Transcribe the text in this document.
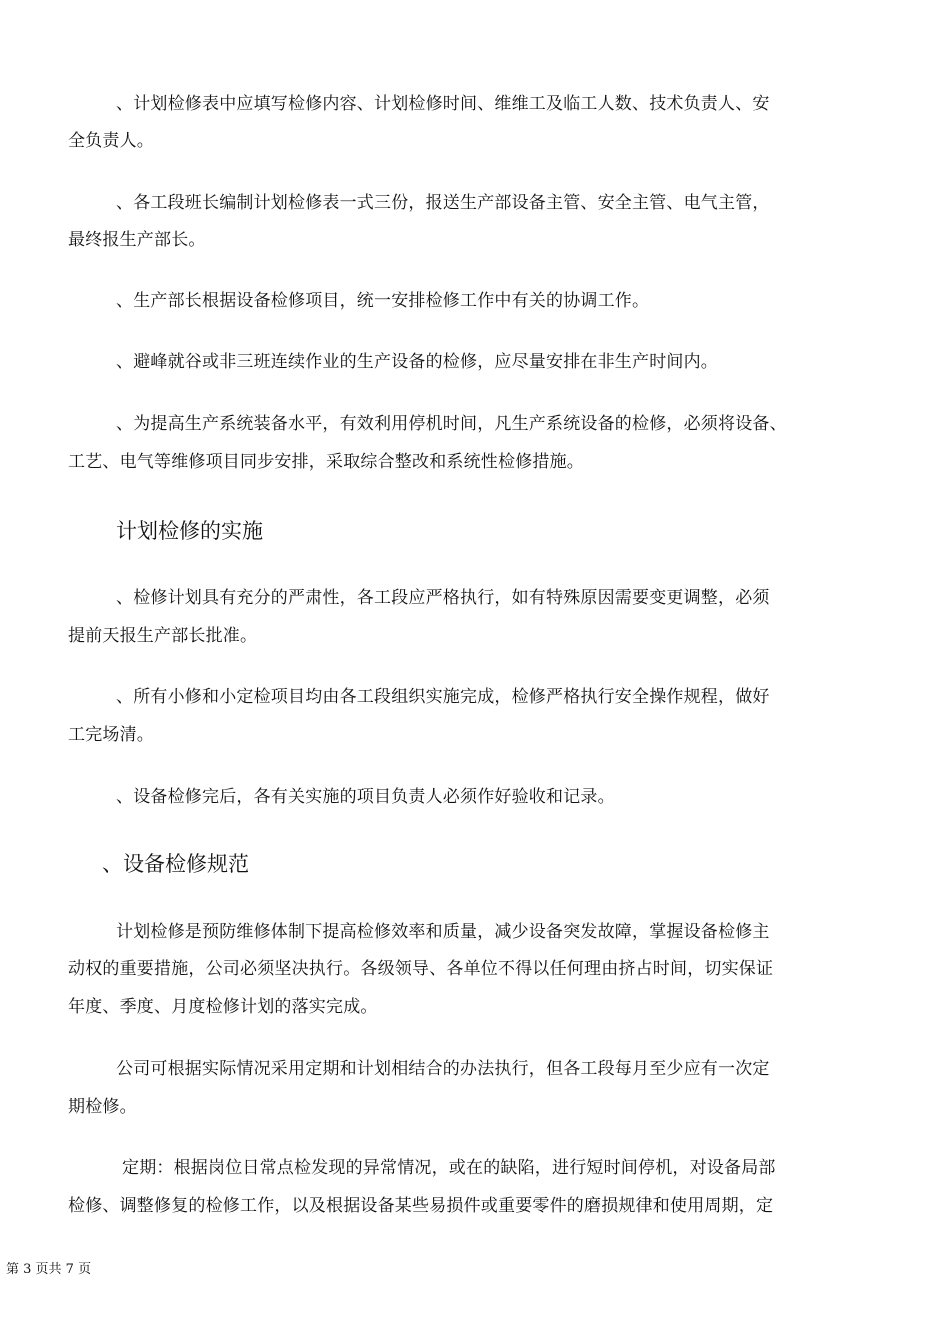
、计划检修表中应填写检修内容、计划检修时间、维维工及临工人数、技术负责人、安
全负责人。
、各工段班长编制计划检修表一式三份，报送生产部设备主管、安全主管、电气主管，
最终报生产部长。
、生产部长根据设备检修项目，统一安排检修工作中有关的协调工作。
、避峰就谷或非三班连续作业的生产设备的检修，应尽量安排在非生产时间内。
、为提高生产系统装备水平，有效利用停机时间，凡生产系统设备的检修，必须将设备、
工艺、电气等维修项目同步安排，采取综合整改和系统性检修措施。
计划检修的实施
、检修计划具有充分的严肃性，各工段应严格执行，如有特殊原因需要变更调整，必须
提前天报生产部长批准。
、所有小修和小定检项目均由各工段组织实施完成，检修严格执行安全操作规程，做好
工完场清。
、设备检修完后，各有关实施的项目负责人必须作好验收和记录。
、设备检修规范
计划检修是预防维修体制下提高检修效率和质量，减少设备突发故障，掌握设备检修主
动权的重要措施，公司必须坚决执行。各级领导、各单位不得以任何理由挤占时间，切实保证
年度、季度、月度检修计划的落实完成。
公司可根据实际情况采用定期和计划相结合的办法执行，但各工段每月至少应有一次定
期检修。
定期：根据岗位日常点检发现的异常情况，或在的缺陷，进行短时间停机，对设备局部
检修、调整修复的检修工作，以及根据设备某些易损件或重要零件的磨损规律和使用周期，定
第 3 页共 7 页
